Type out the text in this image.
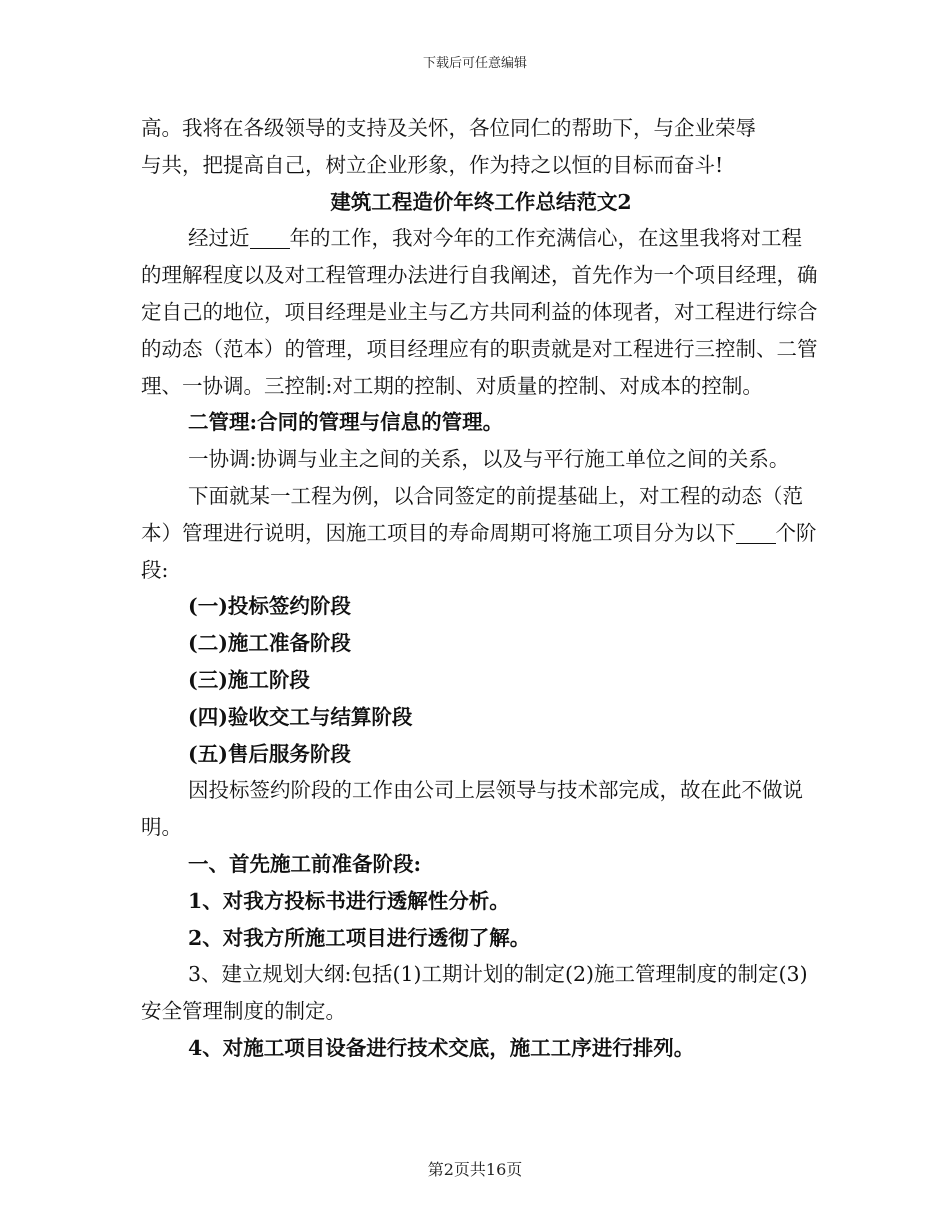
下载后可任意编辑

高。我将在各级领导的支持及关怀，各位同仁的帮助下，与企业荣辱

与共，把提高自己，树立企业形象，作为持之以恒的目标而奋斗!

建筑工程造价年终工作总结范文2

经过近 年的工作，我对今年的工作充满信心，在这里我将对工程的理解程度以及对工程管理办法进行自我阐述，首先作为一个项目经理，确定自己的地位，项目经理是业主与乙方共同利益的体现者，对工程进行综合的动态（范本）的管理，项目经理应有的职责就是对工程进行三控制、二管理、一协调。三控制:对工期的控制、对质量的控制、对成本的控制。

二管理:合同的管理与信息的管理。

一协调:协调与业主之间的关系，以及与平行施工单位之间的关系。

下面就某一工程为例，以合同签定的前提基础上，对工程的动态（范本）管理进行说明，因施工项目的寿命周期可将施工项目分为以下 个阶段:

(一)投标签约阶段

(二)施工准备阶段

(三)施工阶段

(四)验收交工与结算阶段

(五)售后服务阶段

因投标签约阶段的工作由公司上层领导与技术部完成，故在此不做说明。

一、首先施工前准备阶段:

1、对我方投标书进行透解性分析。

2、对我方所施工项目进行透彻了解。

3、建立规划大纲:包括(1)工期计划的制定(2)施工管理制度的制定(3)安全管理制度的制定。

4、对施工项目设备进行技术交底，施工工序进行排列。

第2页共16页
